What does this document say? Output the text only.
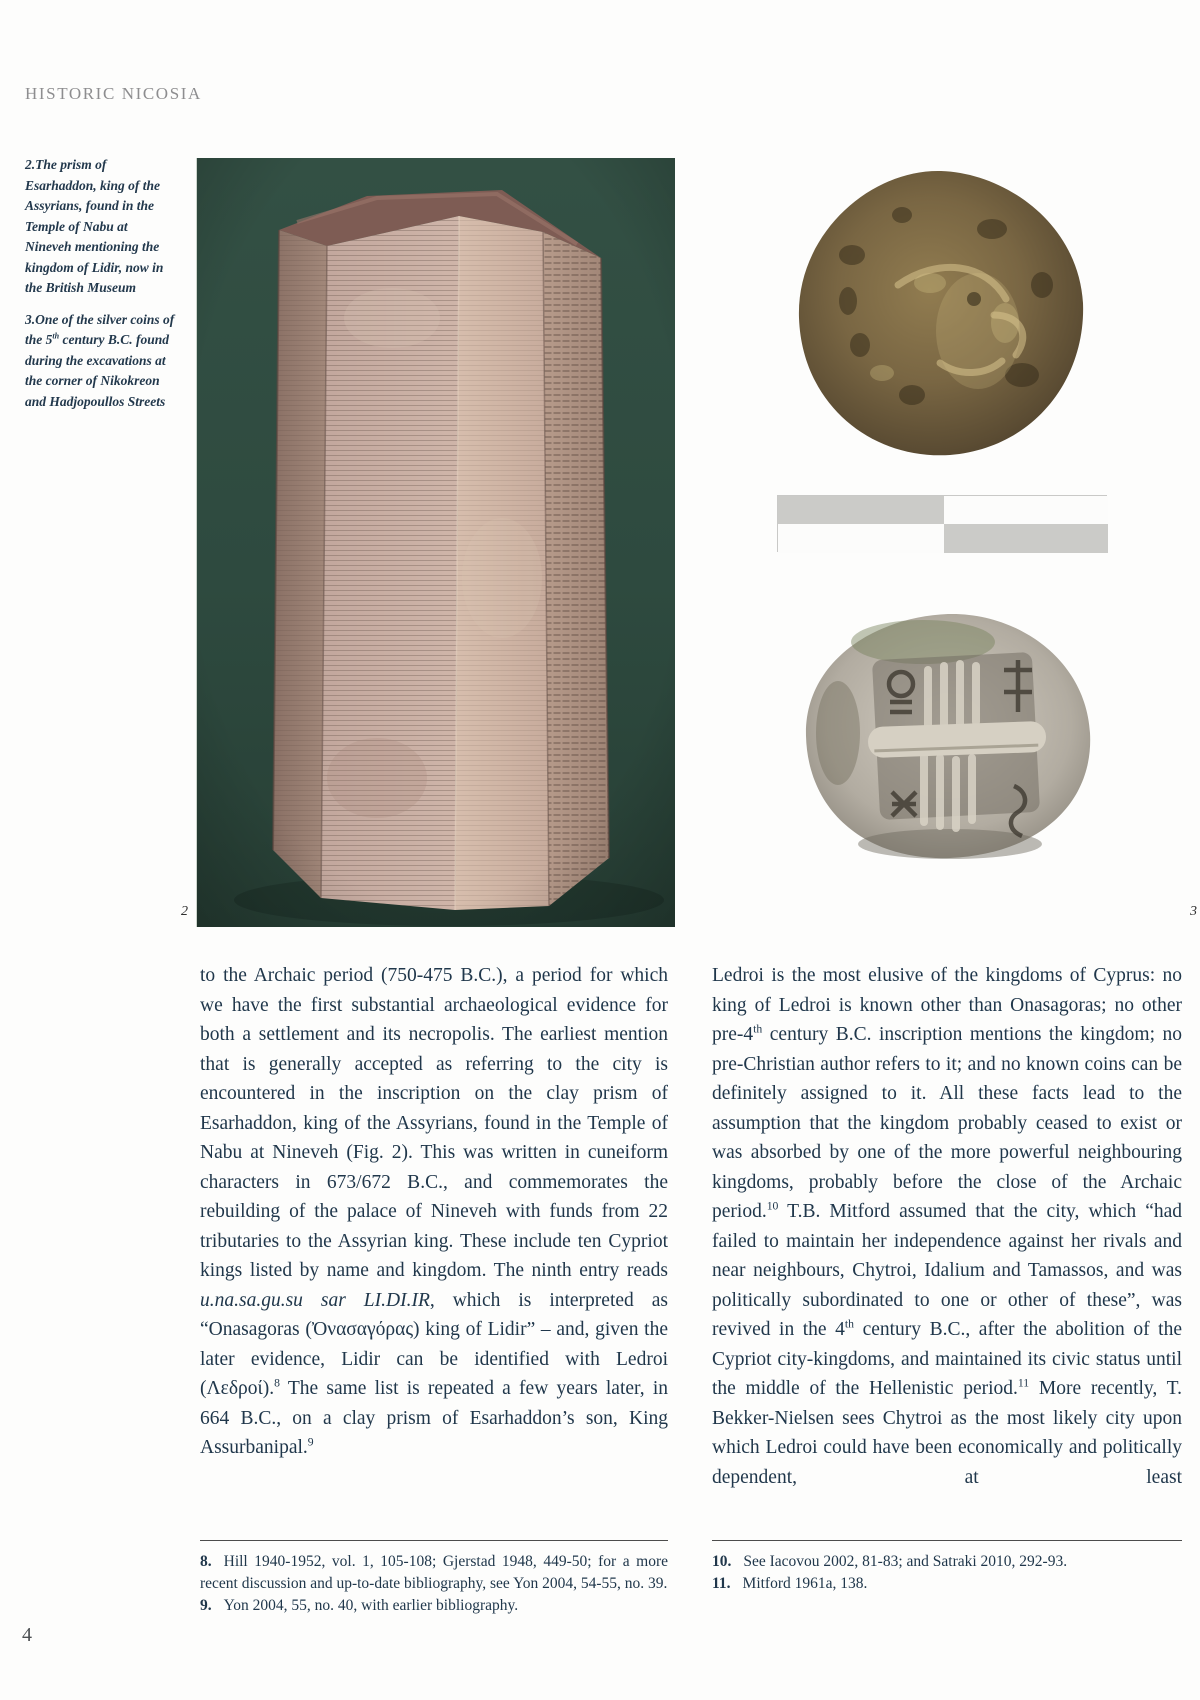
HISTORIC NICOSIA

2.The prism of Esarhaddon, king of the Assyrians, found in the Temple of Nabu at Nineveh mentioning the kingdom of Lidir, now in the British Museum

3.One of the silver coins of the 5th century B.C. found during the excavations at the corner of Nikokreon and Hadjopoullos Streets

2	3
to the Archaic period (750-475 B.C.), a period for which we have the first substantial archaeological evidence for both a settlement and its necropolis. The earliest mention that is generally accepted as referring to the city is encountered in the inscription on the clay prism of Esarhaddon, king of the Assyrians, found in the Temple of Nabu at Nineveh (Fig. 2). This was written in cuneiform characters in 673/672 B.C., and commemorates the rebuilding of the palace of Nineveh with funds from 22 tributaries to the Assyrian king. These include ten Cypriot kings listed by name and kingdom. The ninth entry reads u.na.sa.gu.su sar LI.DI.IR, which is interpreted as “Onasagoras (Ὀνασαγόρας) king of Lidir” – and, given the later evidence, Lidir can be identified with Ledroi (Λεδροί).$^8$ The same list is repeated a few years later, in 664 B.C., on a clay prism of Esarhaddon’s son, King Assurbanipal.$^9$
Ledroi is the most elusive of the kingdoms of Cyprus: no king of Ledroi is known other than Onasagoras; no other pre-4th century B.C. inscription mentions the kingdom; no pre-Christian author refers to it; and no known coins can be definitely assigned to it. All these facts lead to the assumption that the kingdom probably ceased to exist or was absorbed by one of the more powerful neighbouring kingdoms, probably before the close of the Archaic period.$^{10}$ T.B. Mitford assumed that the city, which “had failed to maintain her independence against her rivals and near neighbours, Chytroi, Idalium and Tamassos, and was politically subordinated to one or other of these”, was revived in the 4th century B.C., after the abolition of the Cypriot city-kingdoms, and maintained its civic status until the middle of the Hellenistic period.$^{11}$ More recently, T. Bekker-Nielsen sees Chytroi as the most likely city upon which Ledroi could have been economically and politically dependent, at least

8. Hill 1940-1952, vol. 1, 105-108; Gjerstad 1948, 449-50; for a more recent discussion and up-to-date bibliography, see Yon 2004, 54-55, no. 39.

9. Yon 2004, 55, no. 40, with earlier bibliography.

10. See Iacovou 2002, 81-83; and Satraki 2010, 292-93.

11. Mitford 1961a, 138.

4
